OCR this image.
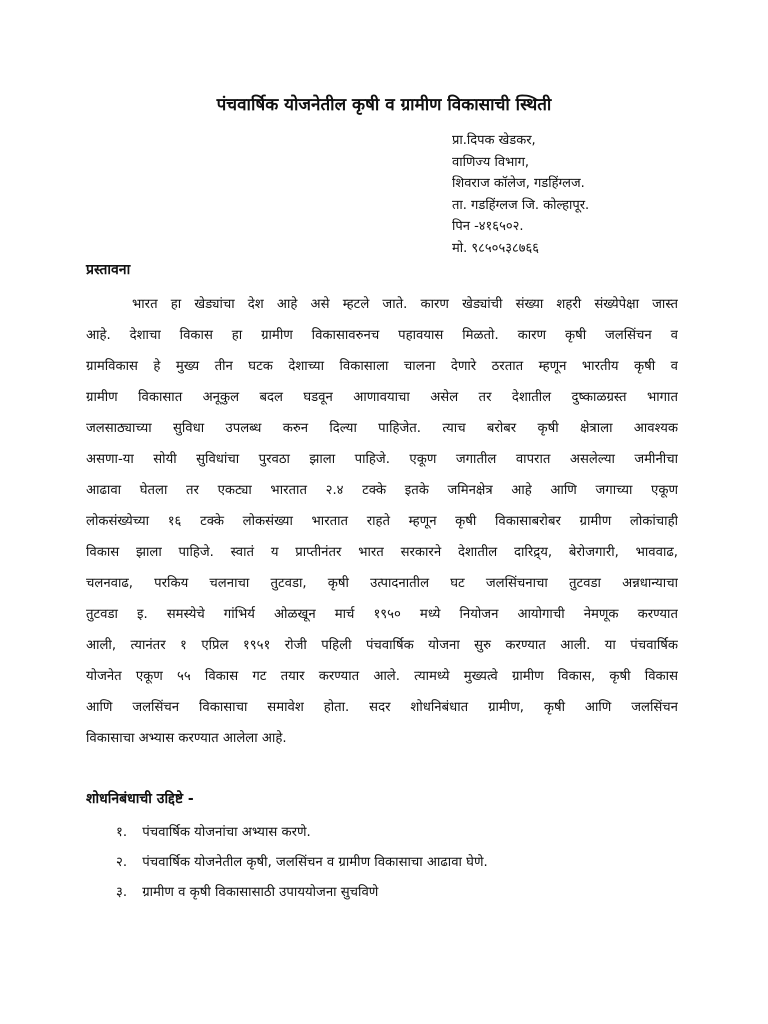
पंचवार्षिक योजनेतील कृषी व ग्रामीण विकासाची स्थिती
प्रा.दिपक खेडकर,
वाणिज्य विभाग,
शिवराज कॉलेज, गडहिंग्लज.
ता. गडहिंग्लज जि. कोल्हापूर.
पिन -४१६५०२.
मो. ९८५०५३८७६६
प्रस्तावना
भारत हा खेड्यांचा देश आहे असे म्हटले जाते. कारण खेड्यांची संख्या शहरी संख्येपेक्षा जास्त
आहे. देशाचा विकास हा ग्रामीण विकासावरुनच पहावयास मिळतो. कारण कृषी जलसिंचन व
ग्रामविकास हे मुख्य तीन घटक देशाच्या विकासाला चालना देणारे ठरतात म्हणून भारतीय कृषी व
ग्रामीण विकासात अनूकुल बदल घडवून आणावयाचा असेल तर देशातील दुष्काळग्रस्त भागात
जलसाठ्याच्या सुविधा उपलब्ध करुन दिल्या पाहिजेत. त्याच बरोबर कृषी क्षेत्राला आवश्यक
असणा-या सोयी सुविधांचा पुरवठा झाला पाहिजे. एकूण जगातील वापरात असलेल्या जमीनीचा
आढावा घेतला तर एकट्या भारतात २.४ टक्के इतके जमिनक्षेत्र आहे आणि जगाच्या एकूण
लोकसंख्येच्या १६ टक्के लोकसंख्या भारतात राहते म्हणून कृषी विकासाबरोबर ग्रामीण लोकांचाही
विकास झाला पाहिजे. स्वातं य प्राप्तीनंतर भारत सरकारने देशातील दारिद्र्य, बेरोजगारी, भाववाढ,
चलनवाढ, परकिय चलनाचा तुटवडा, कृषी उत्पादनातील घट जलसिंचनाचा तुटवडा अन्नधान्याचा
तुटवडा इ. समस्येचे गांभिर्य ओळखून मार्च १९५० मध्ये नियोजन आयोगाची नेमणूक करण्यात
आली, त्यानंतर १ एप्रिल १९५१ रोजी पहिली पंचवार्षिक योजना सुरु करण्यात आली. या पंचवार्षिक
योजनेत एकूण ५५ विकास गट तयार करण्यात आले. त्यामध्ये मुख्यत्वे ग्रामीण विकास, कृषी विकास
आणि जलसिंचन विकासाचा समावेश होता. सदर शोधनिबंधात ग्रामीण, कृषी आणि जलसिंचन
विकासाचा अभ्यास करण्यात आलेला आहे.
शोधनिबंधाची उद्दिष्टे -
१. पंचवार्षिक योजनांचा अभ्यास करणे.
२. पंचवार्षिक योजनेतील कृषी, जलसिंचन व ग्रामीण विकासाचा आढावा घेणे.
३. ग्रामीण व कृषी विकासासाठी उपाययोजना सुचविणे
